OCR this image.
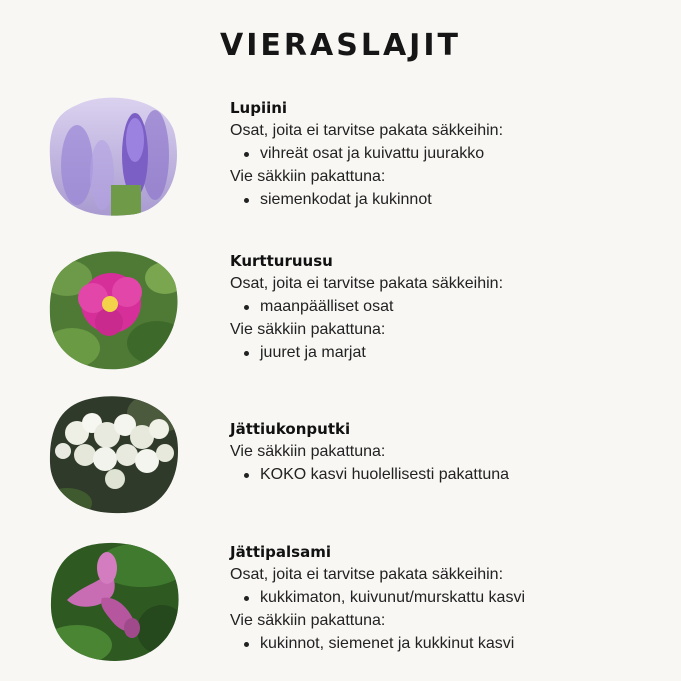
VIERASLAJIT
Lupiini
Osat, joita ei tarvitse pakata säkkeihin:
vihreät osat ja kuivattu juurakko
Vie säkkiin pakattuna:
siemenkodat ja kukinnot
Kurtturuusu
Osat, joita ei tarvitse pakata säkkeihin:
maanpäälliset osat
Vie säkkiin pakattuna:
juuret ja marjat
Jättiukonputki
Vie säkkiin pakattuna:
KOKO kasvi huolellisesti pakattuna
Jättipalsami
Osat, joita ei tarvitse pakata säkkeihin:
kukkimaton, kuivunut/murskattu kasvi
Vie säkkiin pakattuna:
kukinnot, siemenet ja kukkinut kasvi
